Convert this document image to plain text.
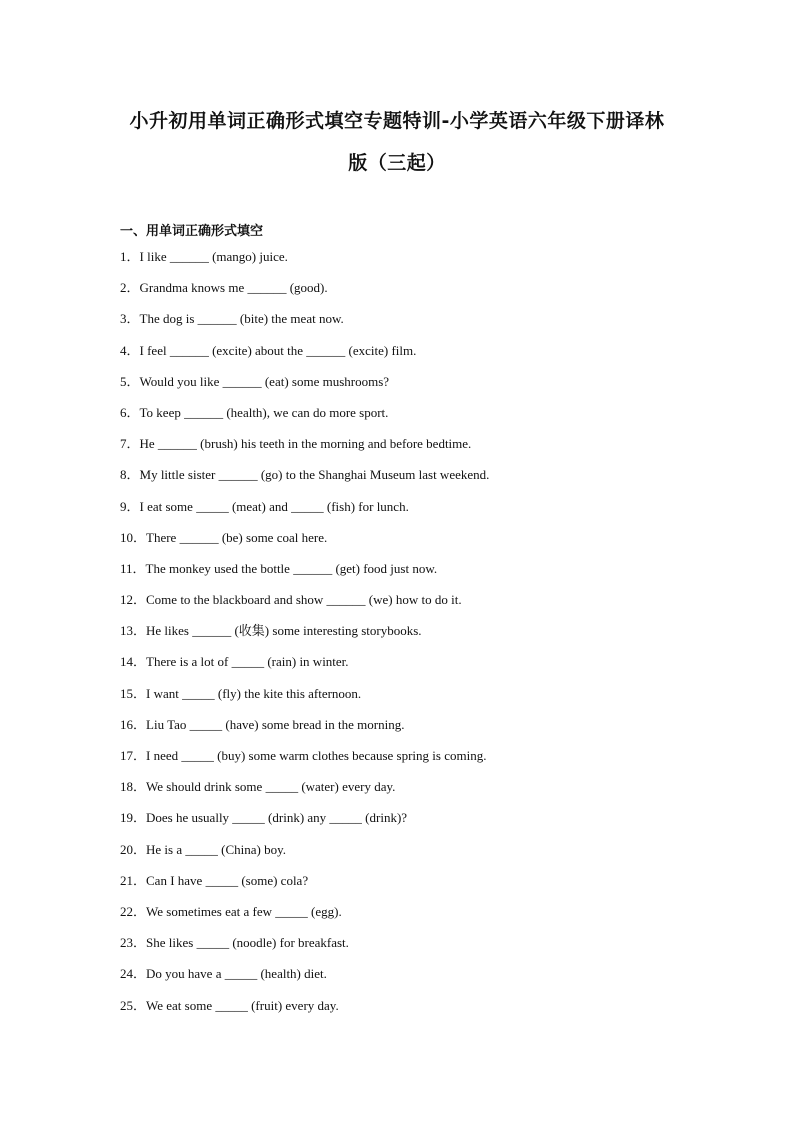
小升初用单词正确形式填空专题特训-小学英语六年级下册译林
版（三起）
一、用单词正确形式填空
1．I like ______ (mango) juice.
2．Grandma knows me ______ (good).
3．The dog is ______ (bite) the meat now.
4．I feel ______ (excite) about the ______ (excite) film.
5．Would you like ______ (eat) some mushrooms?
6．To keep ______ (health), we can do more sport.
7．He ______ (brush) his teeth in the morning and before bedtime.
8．My little sister ______ (go) to the Shanghai Museum last weekend.
9．I eat some _____ (meat) and _____ (fish) for lunch.
10．There ______ (be) some coal here.
11．The monkey used the bottle ______ (get) food just now.
12．Come to the blackboard and show ______ (we) how to do it.
13．He likes ______ (收集) some interesting storybooks.
14．There is a lot of _____ (rain) in winter.
15．I want _____ (fly) the kite this afternoon.
16．Liu Tao _____ (have) some bread in the morning.
17．I need _____ (buy) some warm clothes because spring is coming.
18．We should drink some _____ (water) every day.
19．Does he usually _____ (drink) any _____ (drink)?
20．He is a _____ (China) boy.
21．Can I have _____ (some) cola?
22．We sometimes eat a few _____ (egg).
23．She likes _____ (noodle) for breakfast.
24．Do you have a _____ (health) diet.
25．We eat some _____ (fruit) every day.
